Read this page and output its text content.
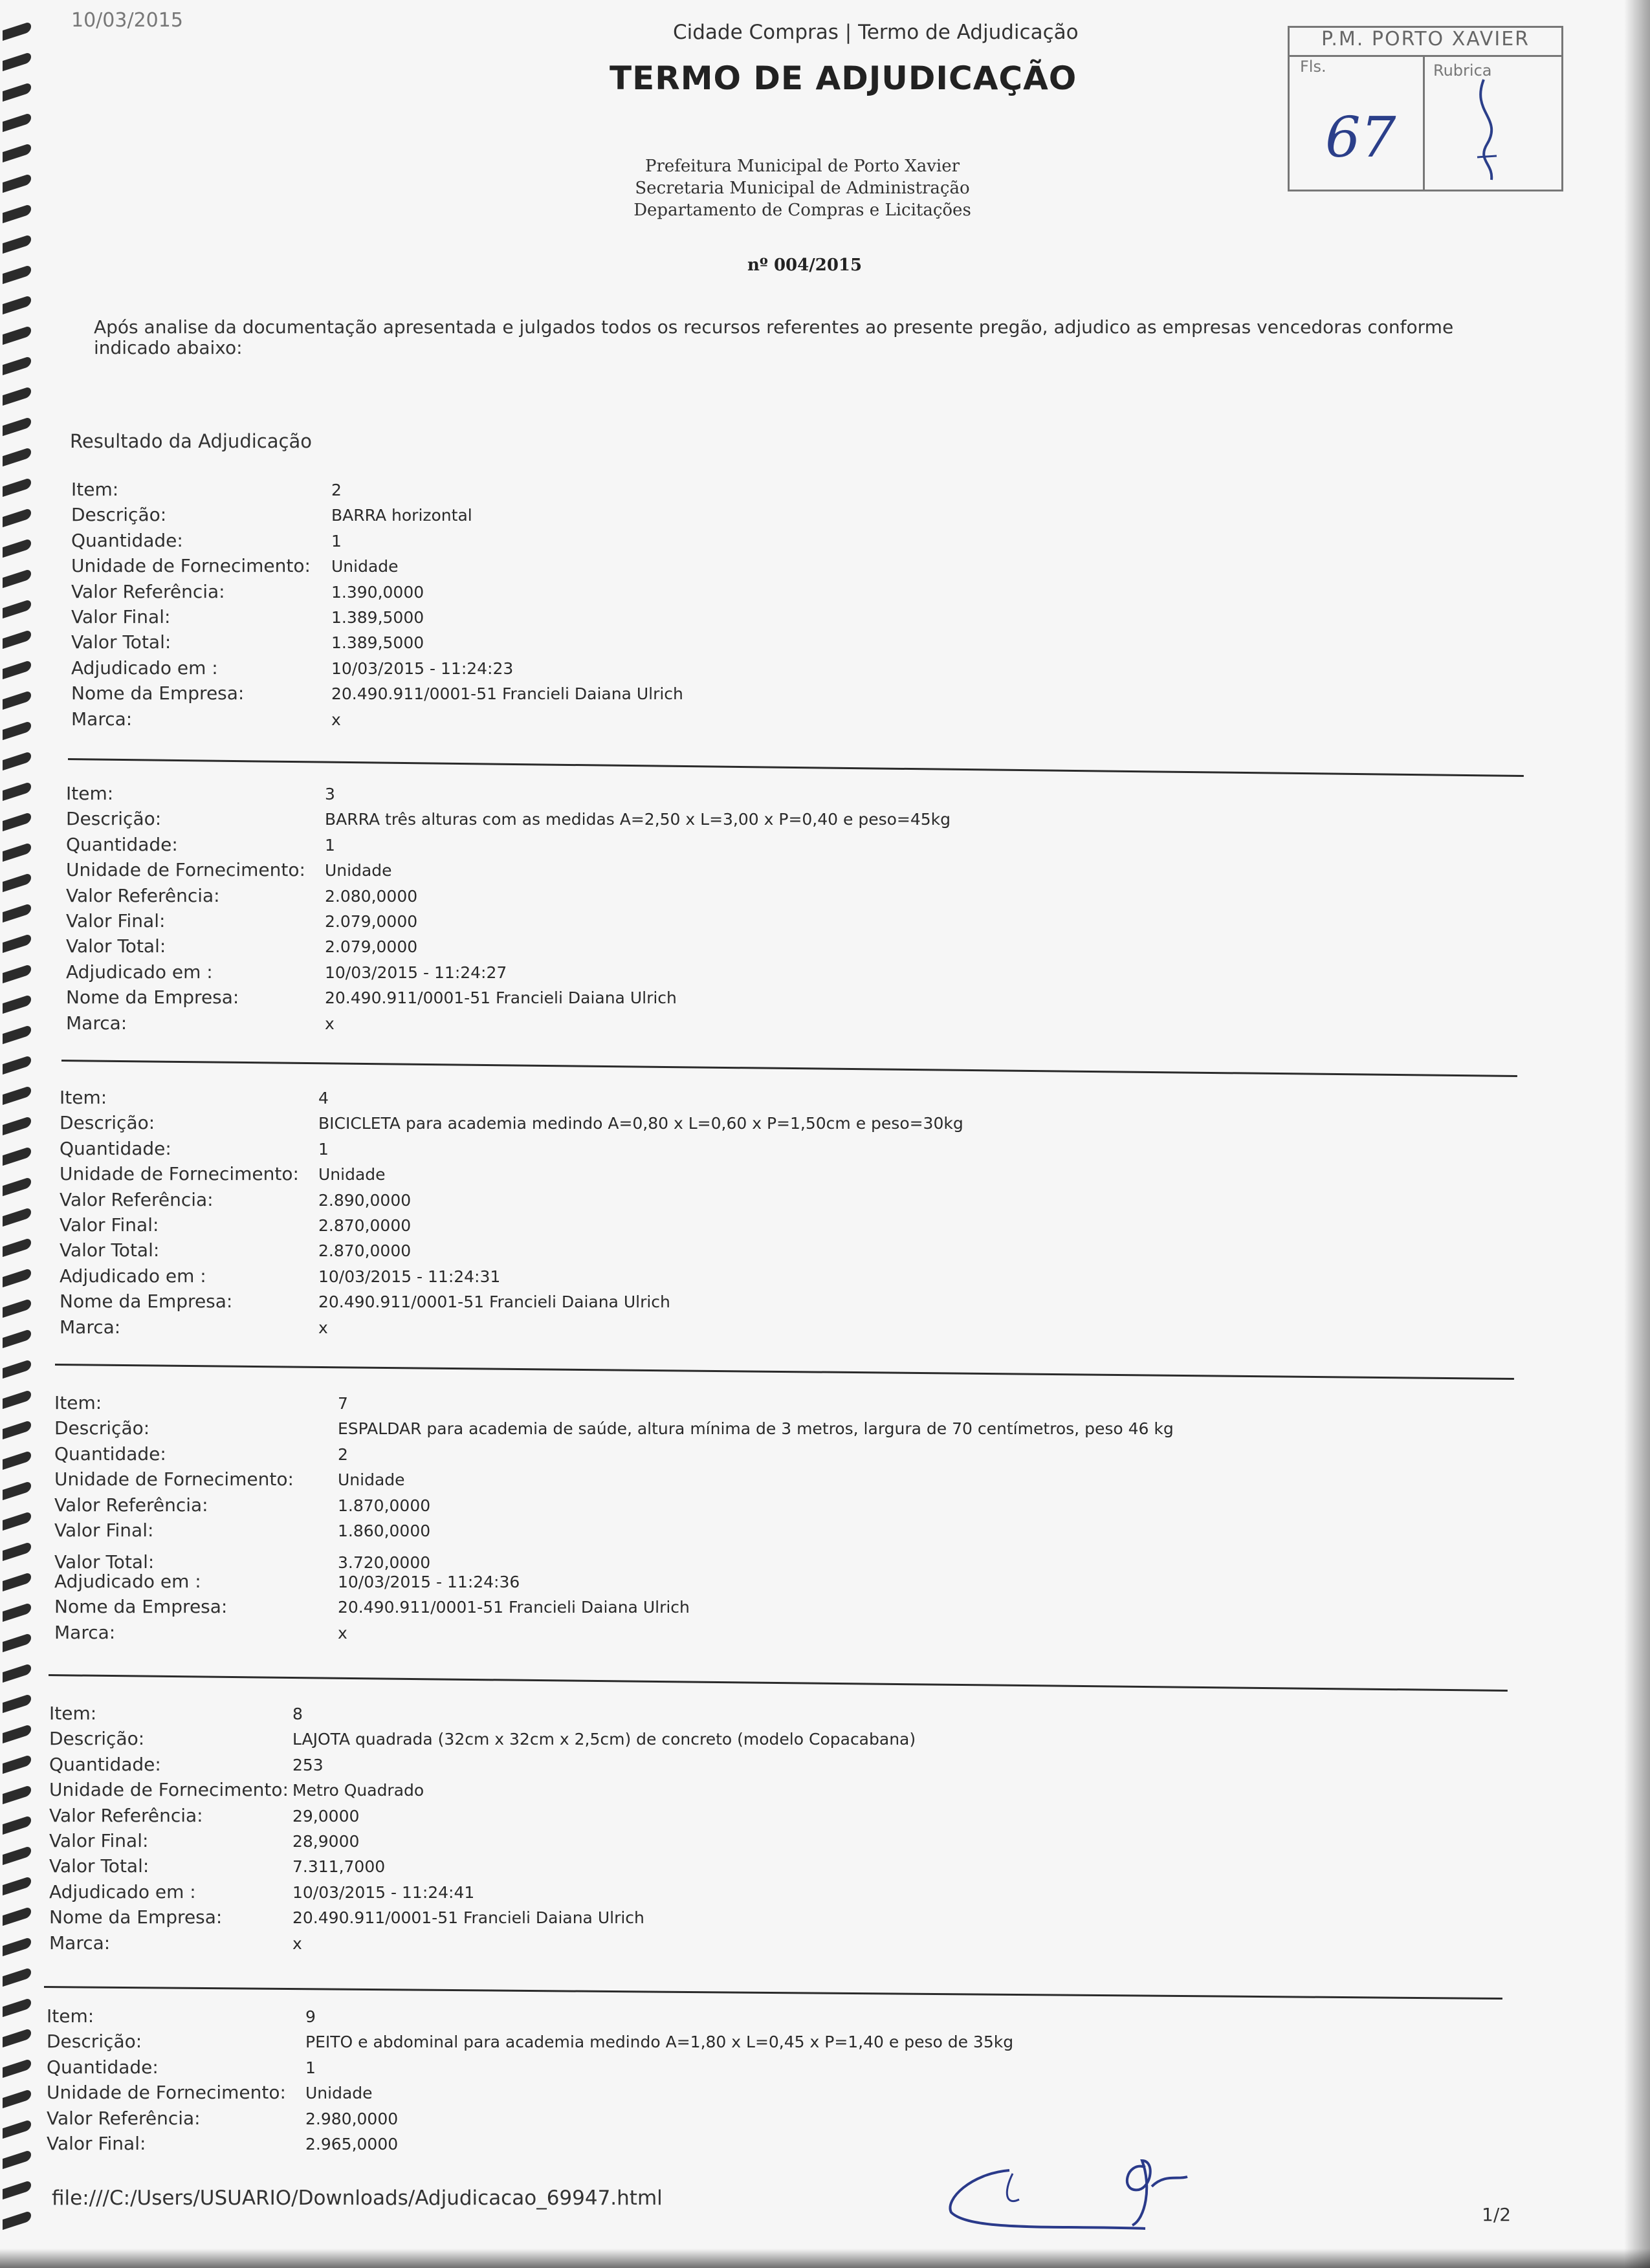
10/03/2015
Cidade Compras | Termo de Adjudicação
TERMO DE ADJUDICAÇÃO
Prefeitura Municipal de Porto Xavier
Secretaria Municipal de Administração
Departamento de Compras e Licitações
nº 004/2015
Após analise da documentação apresentada e julgados todos os recursos referentes ao presente pregão, adjudico as empresas vencedoras conforme indicado abaixo:
Resultado da Adjudicação
P.M. PORTO XAVIER
Fls.	Rubrica
67
Item:	2
Descrição:	BARRA horizontal
Quantidade:	1
Unidade de Fornecimento: Unidade
Valor Referência:	1.390,0000
Valor Final:	1.389,5000
Valor Total:	1.389,5000
Adjudicado em :	10/03/2015 - 11:24:23
Nome da Empresa:	20.490.911/0001-51 Francieli Daiana Ulrich
Marca:	x
Item:	3
Descrição:	BARRA três alturas com as medidas A=2,50 x L=3,00 x P=0,40 e peso=45kg
Quantidade:	1
Unidade de Fornecimento: Unidade
Valor Referência:	2.080,0000
Valor Final:	2.079,0000
Valor Total:	2.079,0000
Adjudicado em :	10/03/2015 - 11:24:27
Nome da Empresa:	20.490.911/0001-51 Francieli Daiana Ulrich
Marca:	x
Item:	4
Descrição:	BICICLETA para academia medindo A=0,80 x L=0,60 x P=1,50cm e peso=30kg
Quantidade:	1
Unidade de Fornecimento: Unidade
Valor Referência:	2.890,0000
Valor Final:	2.870,0000
Valor Total:	2.870,0000
Adjudicado em :	10/03/2015 - 11:24:31
Nome da Empresa:	20.490.911/0001-51 Francieli Daiana Ulrich
Marca:	x
Item:	7
Descrição:	ESPALDAR para academia de saúde, altura mínima de 3 metros, largura de 70 centímetros, peso 46 kg
Quantidade:	2
Unidade de Fornecimento:	Unidade
Valor Referência:	1.870,0000
Valor Final:	1.860,0000
Valor Total:	3.720,0000
Adjudicado em :	10/03/2015 - 11:24:36
Nome da Empresa:	20.490.911/0001-51 Francieli Daiana Ulrich
Marca:	x
Item:	8
Descrição:	LAJOTA quadrada (32cm x 32cm x 2,5cm) de concreto (modelo Copacabana)
Quantidade:	253
Unidade de Fornecimento: Metro Quadrado
Valor Referência:	29,0000
Valor Final:	28,9000
Valor Total:	7.311,7000
Adjudicado em :	10/03/2015 - 11:24:41
Nome da Empresa:	20.490.911/0001-51 Francieli Daiana Ulrich
Marca:	x
Item:	9
Descrição:	PEITO e abdominal para academia medindo A=1,80 x L=0,45 x P=1,40 e peso de 35kg
Quantidade:	1
Unidade de Fornecimento: Unidade
Valor Referência:	2.980,0000
Valor Final:	2.965,0000
file:///C:/Users/USUARIO/Downloads/Adjudicacao_69947.html
1/2
